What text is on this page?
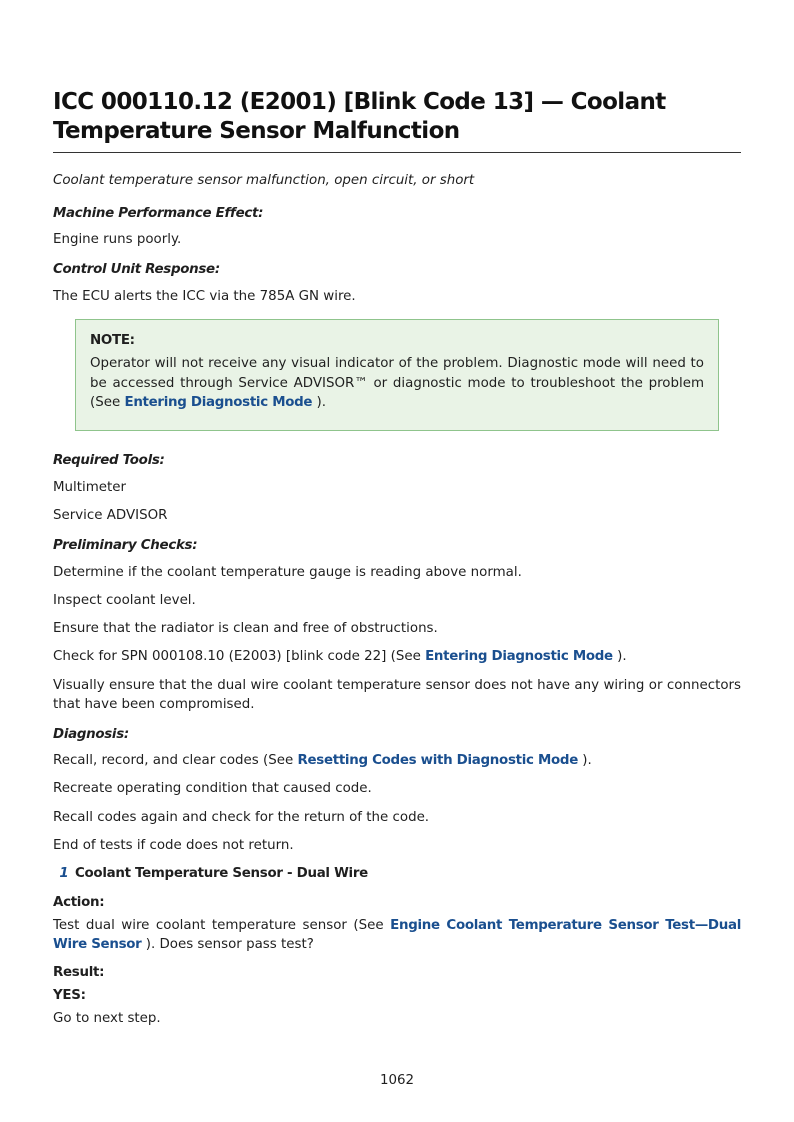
ICC 000110.12 (E2001) [Blink Code 13] — Coolant Temperature Sensor Malfunction
Coolant temperature sensor malfunction, open circuit, or short
Machine Performance Effect:
Engine runs poorly.
Control Unit Response:
The ECU alerts the ICC via the 785A GN wire.
NOTE:
Operator will not receive any visual indicator of the problem. Diagnostic mode will need to be accessed through Service ADVISOR™ or diagnostic mode to troubleshoot the problem (See Entering Diagnostic Mode ).
Required Tools:
Multimeter
Service ADVISOR
Preliminary Checks:
Determine if the coolant temperature gauge is reading above normal.
Inspect coolant level.
Ensure that the radiator is clean and free of obstructions.
Check for SPN 000108.10 (E2003) [blink code 22] (See Entering Diagnostic Mode ).
Visually ensure that the dual wire coolant temperature sensor does not have any wiring or connectors that have been compromised.
Diagnosis:
Recall, record, and clear codes (See Resetting Codes with Diagnostic Mode ).
Recreate operating condition that caused code.
Recall codes again and check for the return of the code.
End of tests if code does not return.
1 Coolant Temperature Sensor - Dual Wire
Action:
Test dual wire coolant temperature sensor (See Engine Coolant Temperature Sensor Test—Dual Wire Sensor ). Does sensor pass test?
Result:
YES:
Go to next step.
1062
